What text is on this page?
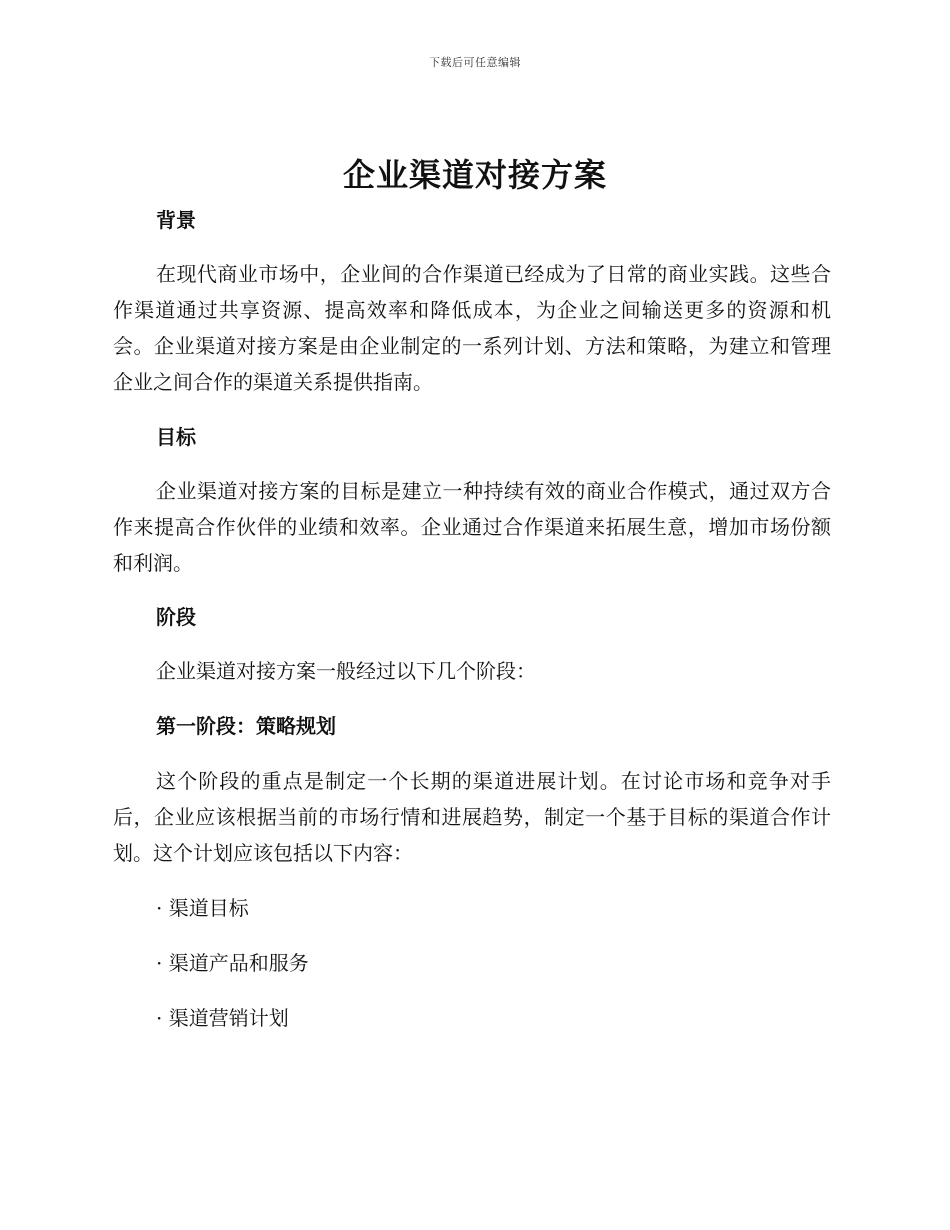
下载后可任意编辑
企业渠道对接方案
背景

在现代商业市场中，企业间的合作渠道已经成为了日常的商业实践。这些合作渠道通过共享资源、提高效率和降低成本，为企业之间输送更多的资源和机会。企业渠道对接方案是由企业制定的一系列计划、方法和策略，为建立和管理企业之间合作的渠道关系提供指南。

目标

企业渠道对接方案的目标是建立一种持续有效的商业合作模式，通过双方合作来提高合作伙伴的业绩和效率。企业通过合作渠道来拓展生意，增加市场份额和利润。

阶段

企业渠道对接方案一般经过以下几个阶段：

第一阶段：策略规划

这个阶段的重点是制定一个长期的渠道进展计划。在讨论市场和竞争对手后，企业应该根据当前的市场行情和进展趋势，制定一个基于目标的渠道合作计划。这个计划应该包括以下内容：

· 渠道目标
· 渠道产品和服务
· 渠道营销计划
